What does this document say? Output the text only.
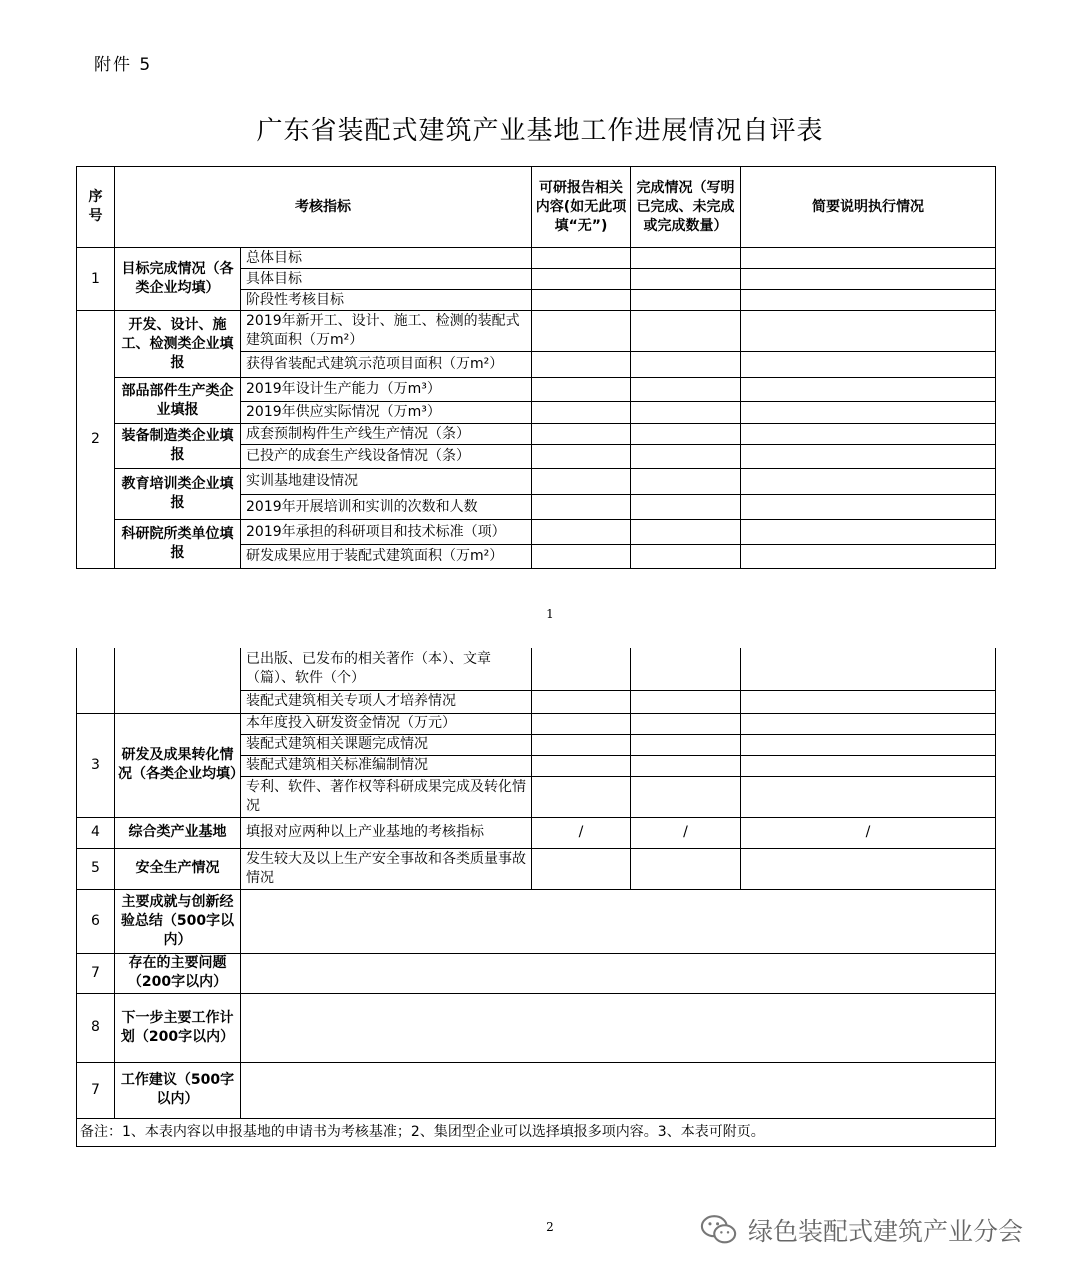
附件 5
广东省装配式建筑产业基地工作进展情况自评表
序
号	考核指标		可研报告相关内容(如无此项填“无”)	完成情况（写明已完成、未完成或完成数量）	简要说明执行情况
1	目标完成情况（各类企业均填）	总体目标			
		具体目标			
		阶段性考核目标			
2	开发、设计、施工、检测类企业填报	2019年新开工、设计、施工、检测的装配式建筑面积（万m²）			
		获得省装配式建筑示范项目面积（万m²）			
	部品部件生产类企业填报	2019年设计生产能力（万m³）			
		2019年供应实际情况（万m³）			
	装备制造类企业填报	成套预制构件生产线生产情况（条）			
		已投产的成套生产线设备情况（条）			
	教育培训类企业填报	实训基地建设情况			
		2019年开展培训和实训的次数和人数			
	科研院所类单位填报	2019年承担的科研项目和技术标准（项）			
		研发成果应用于装配式建筑面积（万m²）			
1
		已出版、已发布的相关著作（本）、文章（篇）、软件（个）			
		装配式建筑相关专项人才培养情况			
3	研发及成果转化情况（各类企业均填）	本年度投入研发资金情况（万元）			
		装配式建筑相关课题完成情况			
		装配式建筑相关标准编制情况			
		专利、软件、著作权等科研成果完成及转化情况			
4	综合类产业基地	填报对应两种以上产业基地的考核指标	/	/	/
5	安全生产情况	发生较大及以上生产安全事故和各类质量事故情况			
6	主要成就与创新经验总结（500字以内）				
7	存在的主要问题（200字以内）				
8	下一步主要工作计划（200字以内）				
7	工作建议（500字以内）				
备注：1、本表内容以申报基地的申请书为考核基准；2、集团型企业可以选择填报多项内容。3、本表可附页。					
2	绿色装配式建筑产业分会
